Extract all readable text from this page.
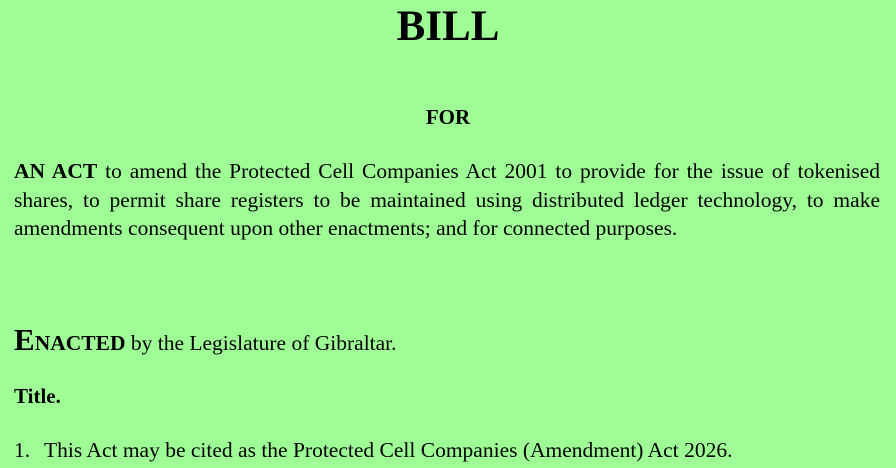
BILL
FOR

AN ACT to amend the Protected Cell Companies Act 2001 to provide for the issue of tokenised shares, to permit share registers to be maintained using distributed ledger technology, to make amendments consequent upon other enactments; and for connected purposes.

ENACTED by the Legislature of Gibraltar.

Title.

1. This Act may be cited as the Protected Cell Companies (Amendment) Act 2026.
